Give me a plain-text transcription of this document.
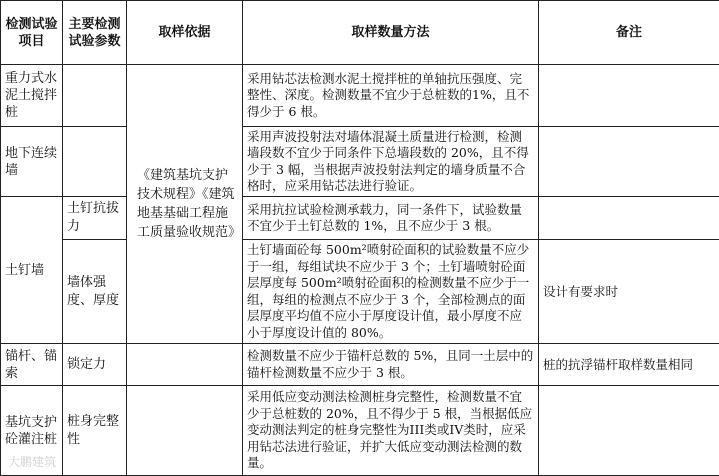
检测试验项目	主要检测试验参数	取样依据	取样数量方法	备注
重力式水泥土搅拌桩		《建筑基坑支护技术规程》《建筑地基基础工程施工质量验收规范》	采用钻芯法检测水泥土搅拌桩的单轴抗压强度、完整性、深度。检测数量不宜少于总桩数的1%，且不得少于 6 根。	
地下连续墙			采用声波投射法对墙体混凝土质量进行检测，检测墙段数不宜少于同条件下总墙段数的 20%，且不得少于 3 幅，当根据声波投射法判定的墙身质量不合格时，应采用钻芯法进行验证。	
土钉墙	土钉抗拔力		采用抗拉试验检测承载力，同一条件下，试验数量不宜少于土钉总数的 1%，且不应少于 3 根。	
	墙体强度、厚度		土钉墙面砼每 500m²喷射砼面积的试验数量不应少于一组，每组试块不应少于 3 个；土钉墙喷射砼面层厚度每 500m²喷射砼面积的检测数量不应少于一组，每组的检测点不应少于 3 个，全部检测点的面层厚度平均值不应小于厚度设计值，最小厚度不应小于厚度设计值的 80%。	设计有要求时
锚杆、锚索	锁定力		检测数量不应少于锚杆总数的 5%，且同一土层中的锚杆检测数量不应少于 3 根。	桩的抗浮锚杆取样数量相同
基坑支护砼灌注桩	桩身完整性		采用低应变动测法检测桩身完整性，检测数量不宜少于总桩数的 20%，且不得少于 5 根，当根据低应变动测法判定的桩身完整性为III类或IV类时，应采用钻芯法进行验证，并扩大低应变动测法检测的数量。	
大鹏建筑
